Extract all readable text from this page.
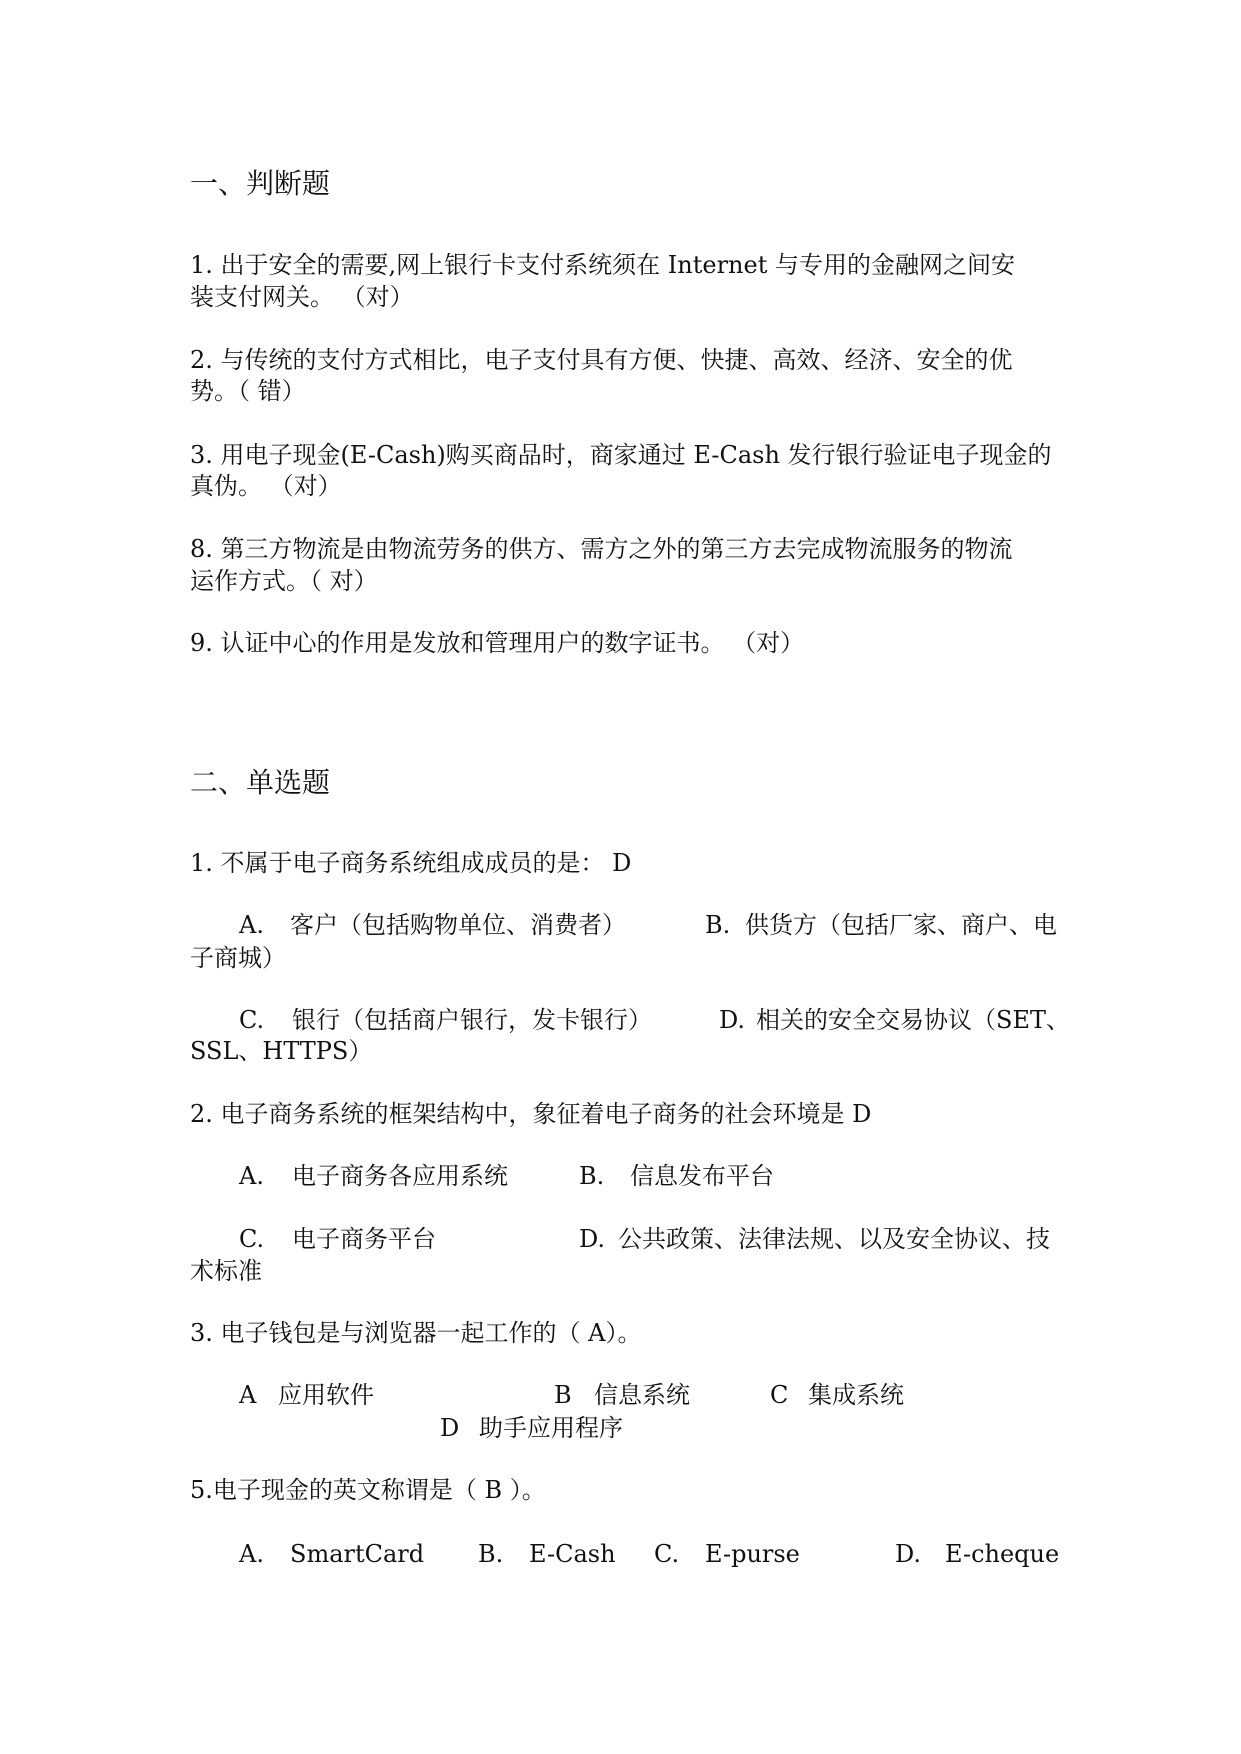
一、判断题
1. 出于安全的需要,网上银行卡支付系统须在 Internet 与专用的金融网之间安
装支付网关。 （对）
2. 与传统的支付方式相比，电子支付具有方便、快捷、高效、经济、安全的优
势。（ 错）
3. 用电子现金(E-Cash)购买商品时，商家通过 E-Cash 发行银行验证电子现金的
真伪。 （对）
8. 第三方物流是由物流劳务的供方、需方之外的第三方去完成物流服务的物流
运作方式。（ 对）
9. 认证中心的作用是发放和管理用户的数字证书。 （对）
二、单选题
1. 不属于电子商务系统组成成员的是： D
A. 客户（包括购物单位、消费者）	B. 供货方（包括厂家、商户、电
子商城）
C. 银行（包括商户银行，发卡银行）	D. 相关的安全交易协议（SET、
SSL、HTTPS）
2. 电子商务系统的框架结构中，象征着电子商务的社会环境是 D
A. 电子商务各应用系统	B. 信息发布平台
C. 电子商务平台	D. 公共政策、法律法规、以及安全协议、技
术标准
3. 电子钱包是与浏览器一起工作的（ A）。
A 应用软件	B 信息系统	C 集成系统
D 助手应用程序
5.电子现金的英文称谓是（ B ）。
A. SmartCard B. E-Cash C. E-purse	D. E-cheque
